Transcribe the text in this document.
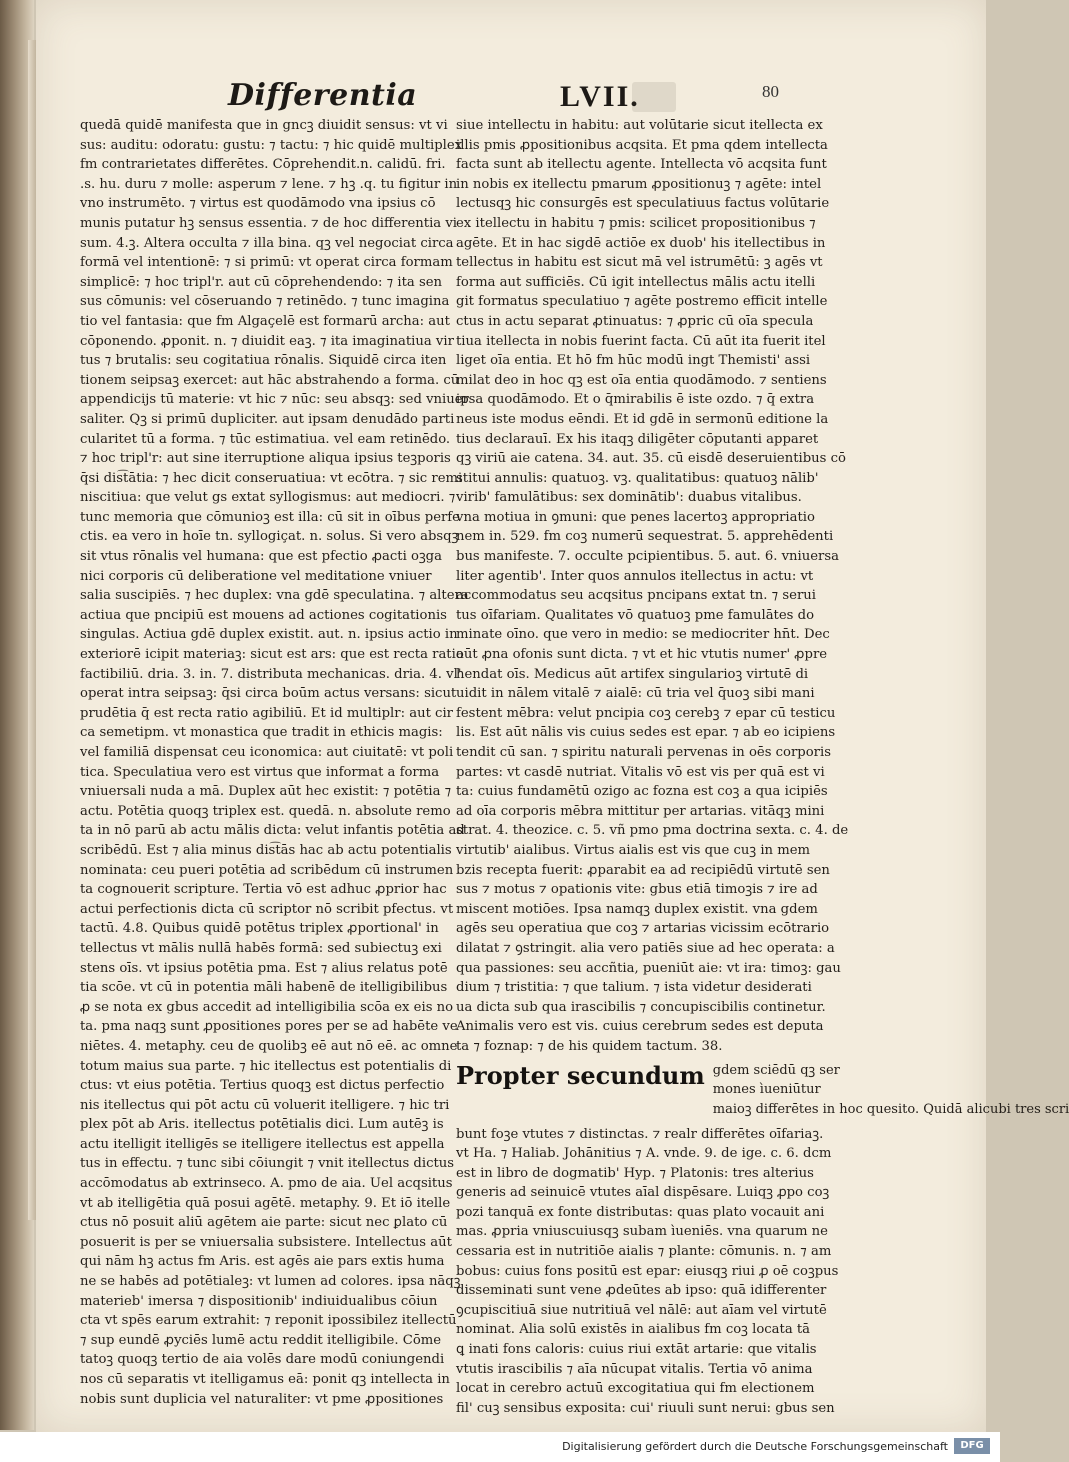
Differentia	LVII.	80
quedā quidē manifesta que in gncꝫ diuidit sensus: vt vi
sus: auditu: odoratu: gustu: ⁊ tactu: ⁊ hic quidē multiplex
fm contrarietates differētes. Cōprehendit.n. calidū. fri.
.s. hu. duru ⁊ molle: asperum ⁊ lene. ⁊ hꝫ .q. tu figitur in
vno instrumēto. ⁊ virtus est quodāmodo vna ipsius cō
munis putatur hꝫ sensus essentia. ⁊ de hoc differentia vi
sum. 4.ꝫ. Altera occulta ⁊ illa bina. qꝫ vel negociat circa
formā vel intentionē: ⁊ si primū: vt operat circa formam
simplicē: ⁊ hoc tripl'r. aut cū cōprehendendo: ⁊ ita sen
sus cōmunis: vel cōseruando ⁊ retinēdo. ⁊ tunc imagina
tio vel fantasia: que fm Algaçelē est formarū archa: aut
cōponendo. ꝓponit. n. ⁊ diuidit eaꝫ. ⁊ ita imaginatiua vir
tus ⁊ brutalis: seu cogitatiua rōnalis. Siquidē circa iten
tionem seipsaꝫ exercet: aut hāc abstrahendo a forma. cū
appendicijs tū materie: vt hic ⁊ nūc: seu absqꝫ: sed vniuer
saliter. Qꝫ si primū dupliciter. aut ipsam denudādo parti
cularitet tū a forma. ⁊ tūc estimatiua. vel eam retinēdo.
⁊ hoc tripl'r: aut sine iterruptione aliqua ipsius teꝫporis
q̄si dis͡tātia: ⁊ hec dicit conseruatiua: vt ecōtra. ⁊ sic remi
niscitiua: que velut gs extat syllogismus: aut mediocri. ⁊
tunc memoria que cōmunioꝫ est illa: cū sit in oībus perfe
ctis. ea vero in hoīe tn. syllogiçat. n. solus. Si vero absqꝫ
sit vtus rōnalis vel humana: que est pfectio ꝓacti oꝫga
nici corporis cū deliberatione vel meditatione vniuer
salia suscipiēs. ⁊ hec duplex: vna gdē speculatina. ⁊ altera
actiua que pncipiū est mouens ad actiones cogitationis
singulas. Actiua gdē duplex existit. aut. n. ipsius actio in
exteriorē icipit materiaꝫ: sicut est ars: que est recta ratio
factibiliū. dria. 3. in. 7. distributa mechanicas. dria. 4. vl'
operat intra seipsaꝫ: q̄si circa boūm actus versans: sicut
prudētia q̄ est recta ratio agibiliū. Et id multiplr: aut cir
ca semetipm. vt monastica que tradit in ethicis magis:
vel familiā dispensat ceu iconomica: aut ciuitatē: vt poli
tica. Speculatiua vero est virtus que informat a forma
vniuersali nuda a mā. Duplex aūt hec existit: ⁊ potētia ⁊
actu. Potētia quoqꝫ triplex est. quedā. n. absolute remo
ta in nō parū ab actu mālis dicta: velut infantis potētia ad
scribēdū. Est ⁊ alia minus dis͡tās hac ab actu potentialis
nominata: ceu pueri potētia ad scribēdum cū instrumen
ta cognouerit scripture. Tertia vō est adhuc ꝓprior hac
actui perfectionis dicta cū scriptor nō scribit pfectus. vt
tactū. 4.8. Quibus quidē potētus triplex ꝓportional' in
tellectus vt mālis nullā habēs formā: sed subiectuꝫ exi
stens oīs. vt ipsius potētia pma. Est ⁊ alius relatus potē
tia scōe. vt cū in potentia māli habenē de itelligibilibus
ꝓ se nota ex gbus accedit ad intelligibilia scōa ex eis no
ta. pma naqꝫ sunt ꝓpositiones pores per se ad habēte ve
niētes. 4. metaphy. ceu de quolibꝫ eē aut nō eē. ac omne
totum maius sua parte. ⁊ hic itellectus est potentialis di
ctus: vt eius potētia. Tertius quoqꝫ est dictus perfectio
nis itellectus qui pōt actu cū voluerit itelligere. ⁊ hic tri
plex pōt ab Aris. itellectus potētialis dici. Lum autēꝫ is
actu itelligit itelligēs se itelligere itellectus est appella
tus in effectu. ⁊ tunc sibi cōiungit ⁊ vnit itellectus dictus
accōmodatus ab extrinseco. A. pmo de aia. Uel acqsitus
vt ab itelligētia quā posui agētē. metaphy. 9. Et iō itelle
ctus nō posuit aliū agētem aie parte: sicut nec ꝑlato cū
posuerit is per se vniuersalia subsistere. Intellectus aūt
qui nām hꝫ actus fm Aris. est agēs aie pars extis huma
ne se habēs ad potētialeꝫ: vt lumen ad colores. ipsa nāqꝫ
materieb' imersa ⁊ dispositionib' indiuidualibus cōiun
cta vt spēs earum extrahit: ⁊ reponit ipossibilez itellectū
⁊ sup eundē ꝓyciēs lumē actu reddit itelligibile. Cōme
tatoꝫ quoqꝫ tertio de aia volēs dare modū coniungendi
nos cū separatis vt itelligamus eā: ponit qꝫ intellecta in
nobis sunt duplicia vel naturaliter: vt pme ꝓpositiones
siue intellectu in habitu: aut volūtarie sicut itellecta ex
illis pmis ꝓpositionibus acqsita. Et pma qdem intellecta
facta sunt ab itellectu agente. Intellecta vō acqsita funt
in nobis ex itellectu pmarum ꝓpositionuꝫ ⁊ agēte: intel
lectusqꝫ hic consurgēs est speculatiuus factus volūtarie
ex itellectu in habitu ⁊ pmis: scilicet propositionibus ⁊
agēte. Et in hac sigdē actiōe ex duob' his itellectibus in
tellectus in habitu est sicut mā vel istrumētū: ꝫ agēs vt
forma aut sufficiēs. Cū igit intellectus mālis actu itelli
git formatus speculatiuo ⁊ agēte postremo efficit intelle
ctus in actu separat ꝓtinuatus: ⁊ ꝓpric cū oīa specula
tiua itellecta in nobis fuerint facta. Cū aūt ita fuerit itel
liget oīa entia. Et hō fm hūc modū ingt Themisti' assi
milat deo in hoc qꝫ est oīa entia quodāmodo. ⁊ sentiens
ipsa quodāmodo. Et o q̄mirabilis ē iste ozdo. ⁊ q̄ extra
neus iste modus eēndi. Et id gdē in sermonū editione la
tius declarauī. Ex his itaqꝫ diligēter cōputanti apparet
qꝫ viriū aie catena. 34. aut. 35. cū eisdē deseruientibus cō
stitui annulis: quatuoꝫ. vꝫ. qualitatibus: quatuoꝫ nālib'
virib' famulātibus: sex dominātib': duabus vitalibus.
vna motiua in ꝯmuni: que penes lacertoꝫ appropriatio
nem in. 529. fm coꝫ numerū sequestrat. 5. apprehēdenti
bus manifeste. 7. occulte pcipientibus. 5. aut. 6. vniuersa
liter agentib'. Inter quos annulos itellectus in actu: vt
accommodatus seu acqsitus pncipans extat tn. ⁊ serui
tus oīfariam. Qualitates vō quatuoꝫ pme famulātes do
minate oīno. que vero in medio: se mediocriter hn̄t. Dec
aūt ꝓna ofonis sunt dicta. ⁊ vt et hic vtutis numer' ꝓpre
hendat oīs. Medicus aūt artifex singularioꝫ virtutē di
uidit in nālem vitalē ⁊ aialē: cū tria vel q̄uoꝫ sibi mani
festent mēbra: velut pncipia coꝫ cerebꝫ ⁊ epar cū testicu
lis. Est aūt nālis vis cuius sedes est epar. ⁊ ab eo icipiens
tendit cū san. ⁊ spiritu naturali pervenas in oēs corporis
partes: vt casdē nutriat. Vitalis vō est vis per quā est vi
ta: cuius fundamētū ozigo ac fozna est coꝫ a qua icipiēs
ad oīa corporis mēbra mittitur per artarias. vitāqꝫ mini
strat. 4. theozice. c. 5. vñ pmo pma doctrina sexta. c. 4. de
virtutib' aialibus. Virtus aialis est vis que cuꝫ in mem
bzis recepta fuerit: ꝓparabit ea ad recipiēdū virtutē sen
sus ⁊ motus ⁊ opationis vite: gbus etiā timoꝫis ⁊ ire ad
miscent motiōes. Ipsa namqꝫ duplex existit. vna gdem
agēs seu operatiua que coꝫ ⁊ artarias vicissim ecōtrario
dilatat ⁊ ꝯstringit. alia vero patiēs siue ad hec operata: a
qua passiones: seu accñtia, pueniūt aie: vt ira: timoꝫ: gau
dium ⁊ tristitia: ⁊ que talium. ⁊ ista videtur desiderati
ua dicta sub qua irascibilis ⁊ concupiscibilis continetur.
Animalis vero est vis. cuius cerebrum sedes est deputa
ta ⁊ foznap: ⁊ de his quidem tactum. 38.
Propter secundum gdem sciēdū qꝫ ser
mones ìueniūtur
maioꝫ differētes in hoc quesito. Quidā alicubi tres scri
bunt foꝫe vtutes ⁊ distinctas. ⁊ realr differētes oīfariaꝫ.
vt Ha. ⁊ Haliab. Johānitius ⁊ A. vnde. 9. de ige. c. 6. dcm
est in libro de dogmatib' Hyp. ⁊ Platonis: tres alterius
generis ad seinuicē vtutes aīal dispēsare. Luiqꝫ ꝓpo coꝫ
pozi tanquā ex fonte distributas: quas plato vocauit ani
mas. ꝓpria vniuscuiusqꝫ subam ìueniēs. vna quarum ne
cessaria est in nutritiōe aialis ⁊ plante: cōmunis. n. ⁊ am
bobus: cuius fons positū est epar: eiusqꝫ riui ꝓ oē coꝫpus
disseminati sunt vene ꝓdeūtes ab ipso: quā idifferenter
ꝯcupiscitiuā siue nutritiuā vel nālē: aut aīam vel virtutē
nominat. Alia solū existēs in aialibus fm coꝫ locata tā
ꝗ inati fons caloris: cuius riui extāt artarie: que vitalis
vtutis irascibilis ⁊ aīa nūcupat vitalis. Tertia vō anima
locat in cerebro actuū excogitatiua qui fm electionem
fil' cuꝫ sensibus exposita: cui' riuuli sunt nerui: gbus sen
Digitalisierung gefördert durch die Deutsche Forschungsgemeinschaft	DFG
